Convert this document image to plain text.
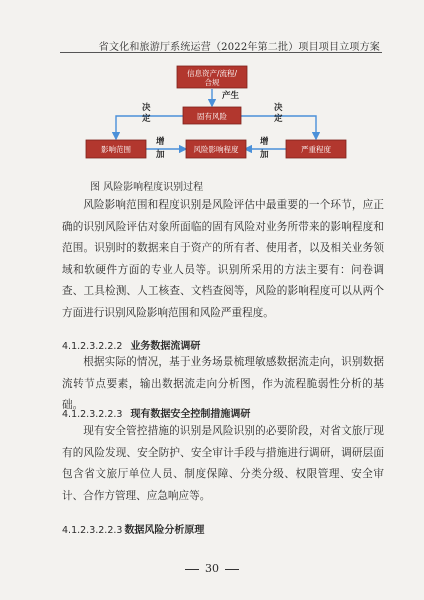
省文化和旅游厅系统运营（2022年第二批）项目项目立项方案
信息资产/流程/合规
固有风险
影响范围	风险影响程度	严重程度
产生
决
定
决
定
增
加
增
加
图 风险影响程度识别过程
风险影响范围和程度识别是风险评估中最重要的一个环节，应正确的识别风险评估对象所面临的固有风险对业务所带来的影响程度和范围。识别时的数据来自于资产的所有者、使用者，以及相关业务领域和软硬件方面的专业人员等。识别所采用的方法主要有：问卷调查、工具检测、人工核查、文档查阅等，风险的影响程度可以从两个方面进行识别风险影响范围和风险严重程度。
4.1.2.3.2.2.2 业务数据流调研
根据实际的情况，基于业务场景梳理敏感数据流走向，识别数据流转节点要素，输出数据流走向分析图，作为流程脆弱性分析的基础。
4.1.2.3.2.2.3 现有数据安全控制措施调研
现有安全管控措施的识别是风险识别的必要阶段，对省文旅厅现有的风险发现、安全防护、安全审计手段与措施进行调研，调研层面包含省文旅厅单位人员、制度保障、分类分级、权限管理、安全审计、合作方管理、应急响应等。
4.1.2.3.2.2.3 数据风险分析原理
30
